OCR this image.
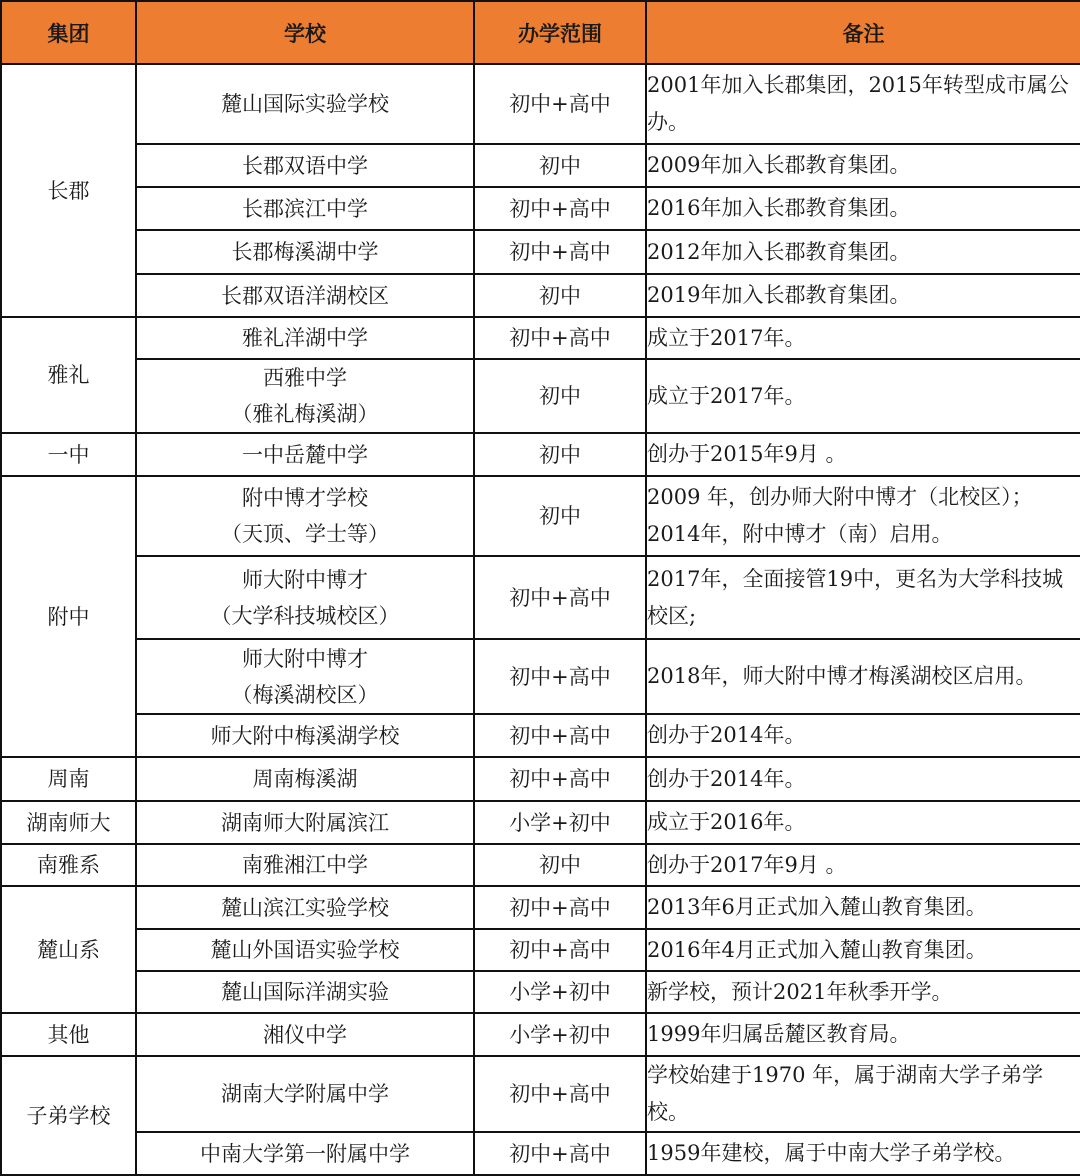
集团	学校	办学范围	备注
长郡	麓山国际实验学校	初中+高中	2001年加入长郡集团，2015年转型成市属公办。

	长郡双语中学	初中	2009年加入长郡教育集团。

	长郡滨江中学	初中+高中	2016年加入长郡教育集团。

	长郡梅溪湖中学	初中+高中	2012年加入长郡教育集团。

	长郡双语洋湖校区	初中	2019年加入长郡教育集团。
雅礼	雅礼洋湖中学	初中+高中	成立于2017年。

	西雅中学
（雅礼梅溪湖）	初中	成立于2017年。
一中	一中岳麓中学	初中	创办于2015年9月 。
附中	附中博才学校
（天顶、学士等）	初中	2009 年，创办师大附中博才（北校区）； 2014年，附中博才（南）启用。

	师大附中博才
（大学科技城校区）	初中+高中	2017年，全面接管19中，更名为大学科技城校区;

	师大附中博才
（梅溪湖校区）	初中+高中	2018年，师大附中博才梅溪湖校区启用。

	师大附中梅溪湖学校	初中+高中	创办于2014年。
周南	周南梅溪湖	初中+高中	创办于2014年。
湖南师大	湖南师大附属滨江	小学+初中	成立于2016年。
南雅系	南雅湘江中学	初中	创办于2017年9月 。
麓山系	麓山滨江实验学校	初中+高中	2013年6月正式加入麓山教育集团。

	麓山外国语实验学校	初中+高中	2016年4月正式加入麓山教育集团。

	麓山国际洋湖实验	小学+初中	新学校，预计2021年秋季开学。
其他	湘仪中学	小学+初中	1999年归属岳麓区教育局。
子弟学校	湖南大学附属中学	初中+高中	学校始建于1970 年，属于湖南大学子弟学校。

	中南大学第一附属中学	初中+高中	1959年建校，属于中南大学子弟学校。
